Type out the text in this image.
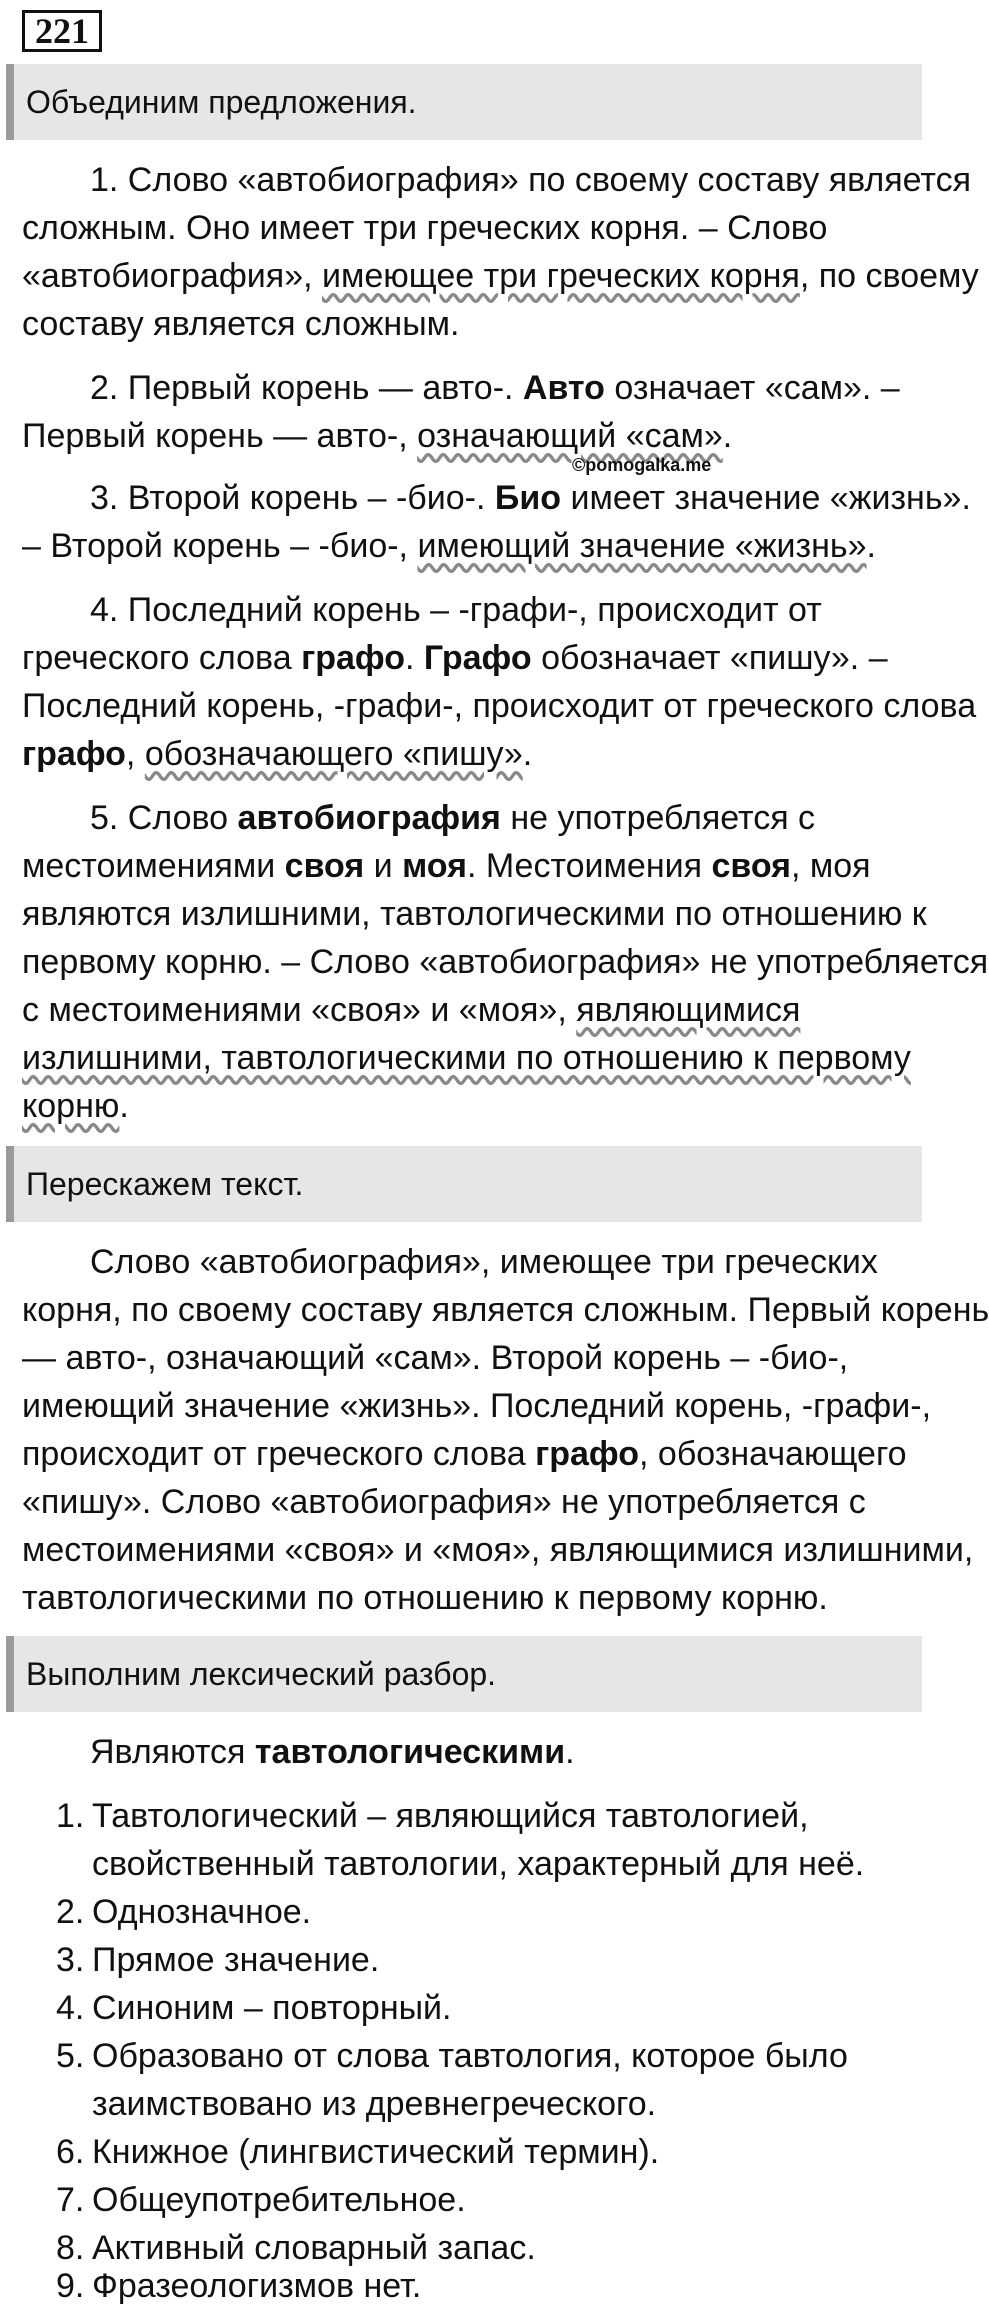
221
Объединим предложения.
1. Слово «автобиография» по своему составу является
сложным. Оно имеет три греческих корня. – Слово
«автобиография», имеющее три греческих корня, по своему
составу является сложным.
2. Первый корень — авто-. Авто означает «сам». –
Первый корень — авто-, означающий «сам».
©pomogalka.me
3. Второй корень – -био-. Био имеет значение «жизнь».
– Второй корень – -био-, имеющий значение «жизнь».
4. Последний корень – -графи-, происходит от
греческого слова графо. Графо обозначает «пишу». –
Последний корень, -графи-, происходит от греческого слова
графо, обозначающего «пишу».
5. Слово автобиография не употребляется с
местоимениями своя и моя. Местоимения своя, моя
являются излишними, тавтологическими по отношению к
первому корню. – Слово «автобиография» не употребляется
с местоимениями «своя» и «моя», являющимися
излишними, тавтологическими по отношению к первому
корню.
Перескажем текст.
Слово «автобиография», имеющее три греческих
корня, по своему составу является сложным. Первый корень
— авто-, означающий «сам». Второй корень – -био-,
имеющий значение «жизнь». Последний корень, -графи-,
происходит от греческого слова графо, обозначающего
«пишу». Слово «автобиография» не употребляется с
местоимениями «своя» и «моя», являющимися излишними,
тавтологическими по отношению к первому корню.
Выполним лексический разбор.
Являются тавтологическими.
1. Тавтологический – являющийся тавтологией,
свойственный тавтологии, характерный для неё.
2. Однозначное.
3. Прямое значение.
4. Синоним – повторный.
5. Образовано от слова тавтология, которое было
заимствовано из древнегреческого.
6. Книжное (лингвистический термин).
7. Общеупотребительное.
8. Активный словарный запас.
9. Фразеологизмов нет.
